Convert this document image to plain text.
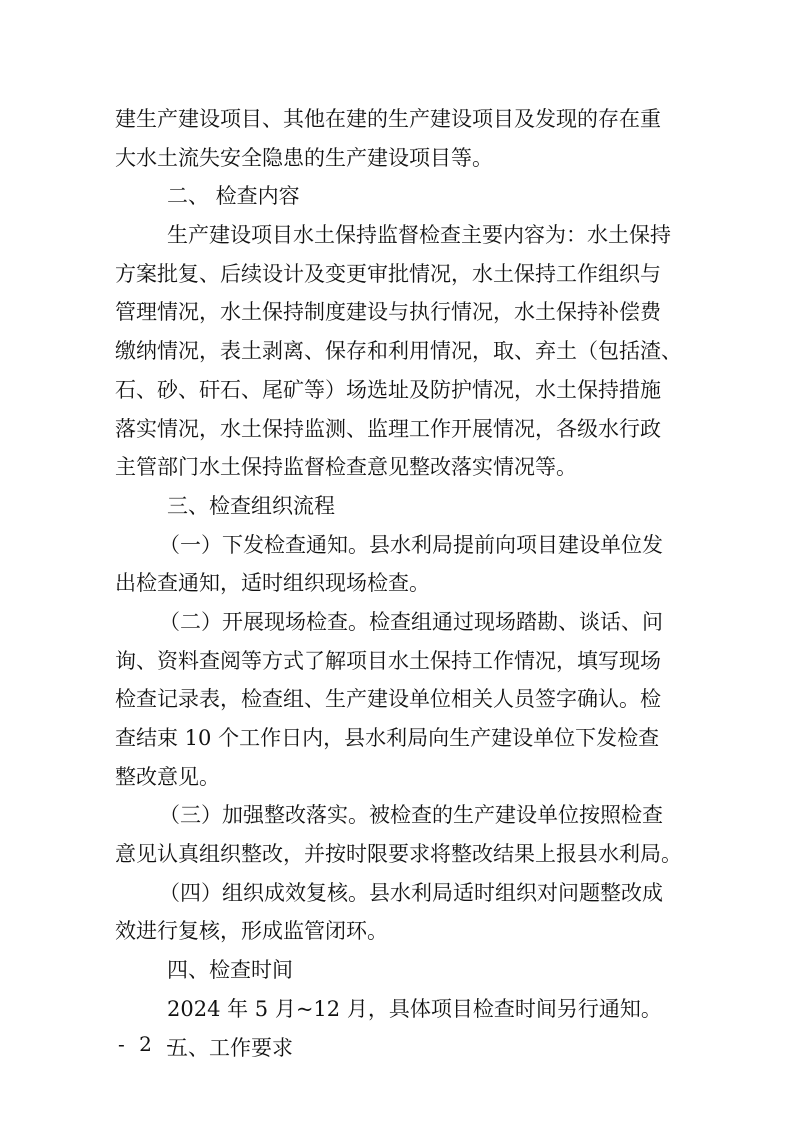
建生产建设项目、其他在建的生产建设项目及发现的存在重
大水土流失安全隐患的生产建设项目等。
二、 检查内容
生产建设项目水土保持监督检查主要内容为：水土保持
方案批复、后续设计及变更审批情况，水土保持工作组织与
管理情况，水土保持制度建设与执行情况，水土保持补偿费
缴纳情况，表土剥离、保存和利用情况，取、弃土（包括渣、
石、砂、矸石、尾矿等）场选址及防护情况，水土保持措施
落实情况，水土保持监测、监理工作开展情况，各级水行政
主管部门水土保持监督检查意见整改落实情况等。
三、检查组织流程
（一）下发检查通知。县水利局提前向项目建设单位发
出检查通知，适时组织现场检查。
（二）开展现场检查。检查组通过现场踏勘、谈话、问
询、资料查阅等方式了解项目水土保持工作情况，填写现场
检查记录表，检查组、生产建设单位相关人员签字确认。检
查结束 10 个工作日内，县水利局向生产建设单位下发检查
整改意见。
（三）加强整改落实。被检查的生产建设单位按照检查
意见认真组织整改，并按时限要求将整改结果上报县水利局。
（四）组织成效复核。县水利局适时组织对问题整改成
效进行复核，形成监管闭环。
四、检查时间
2024 年 5 月~12 月，具体项目检查时间另行通知。
五、工作要求
- 2 -
